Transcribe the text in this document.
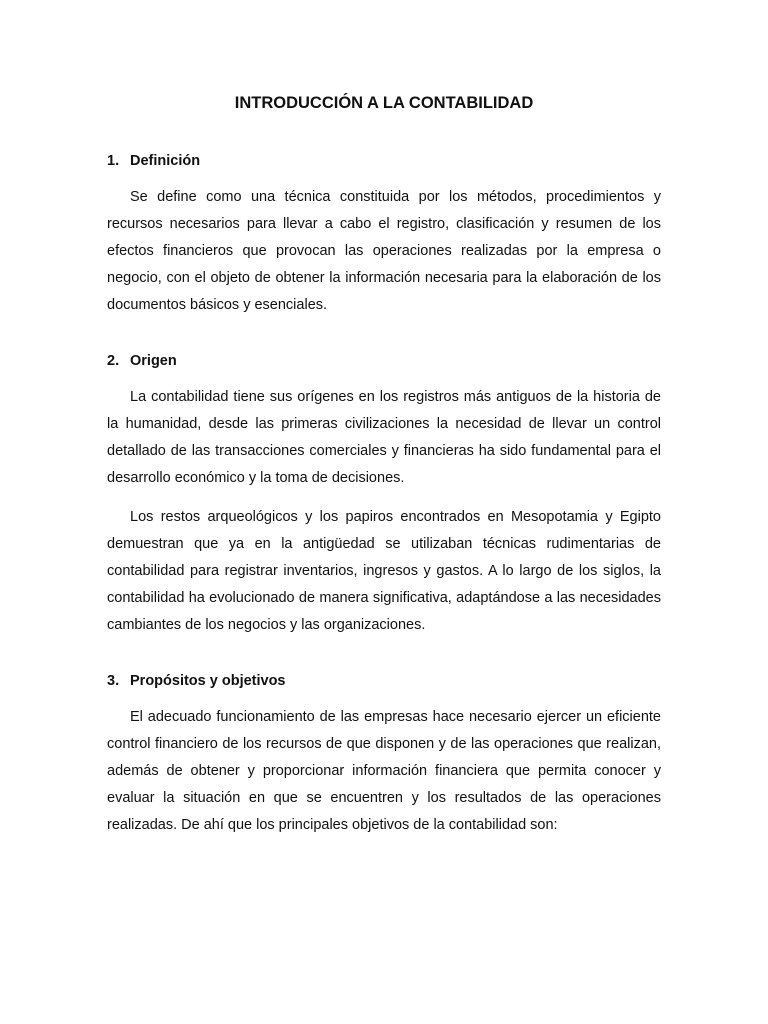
INTRODUCCIÓN A LA CONTABILIDAD
1. Definición

Se define como una técnica constituida por los métodos, procedimientos y recursos necesarios para llevar a cabo el registro, clasificación y resumen de los efectos financieros que provocan las operaciones realizadas por la empresa o negocio, con el objeto de obtener la información necesaria para la elaboración de los documentos básicos y esenciales.

2. Origen

La contabilidad tiene sus orígenes en los registros más antiguos de la historia de la humanidad, desde las primeras civilizaciones la necesidad de llevar un control detallado de las transacciones comerciales y financieras ha sido fundamental para el desarrollo económico y la toma de decisiones.

Los restos arqueológicos y los papiros encontrados en Mesopotamia y Egipto demuestran que ya en la antigüedad se utilizaban técnicas rudimentarias de contabilidad para registrar inventarios, ingresos y gastos. A lo largo de los siglos, la contabilidad ha evolucionado de manera significativa, adaptándose a las necesidades cambiantes de los negocios y las organizaciones.

3. Propósitos y objetivos

El adecuado funcionamiento de las empresas hace necesario ejercer un eficiente control financiero de los recursos de que disponen y de las operaciones que realizan, además de obtener y proporcionar información financiera que permita conocer y evaluar la situación en que se encuentren y los resultados de las operaciones realizadas. De ahí que los principales objetivos de la contabilidad son:
